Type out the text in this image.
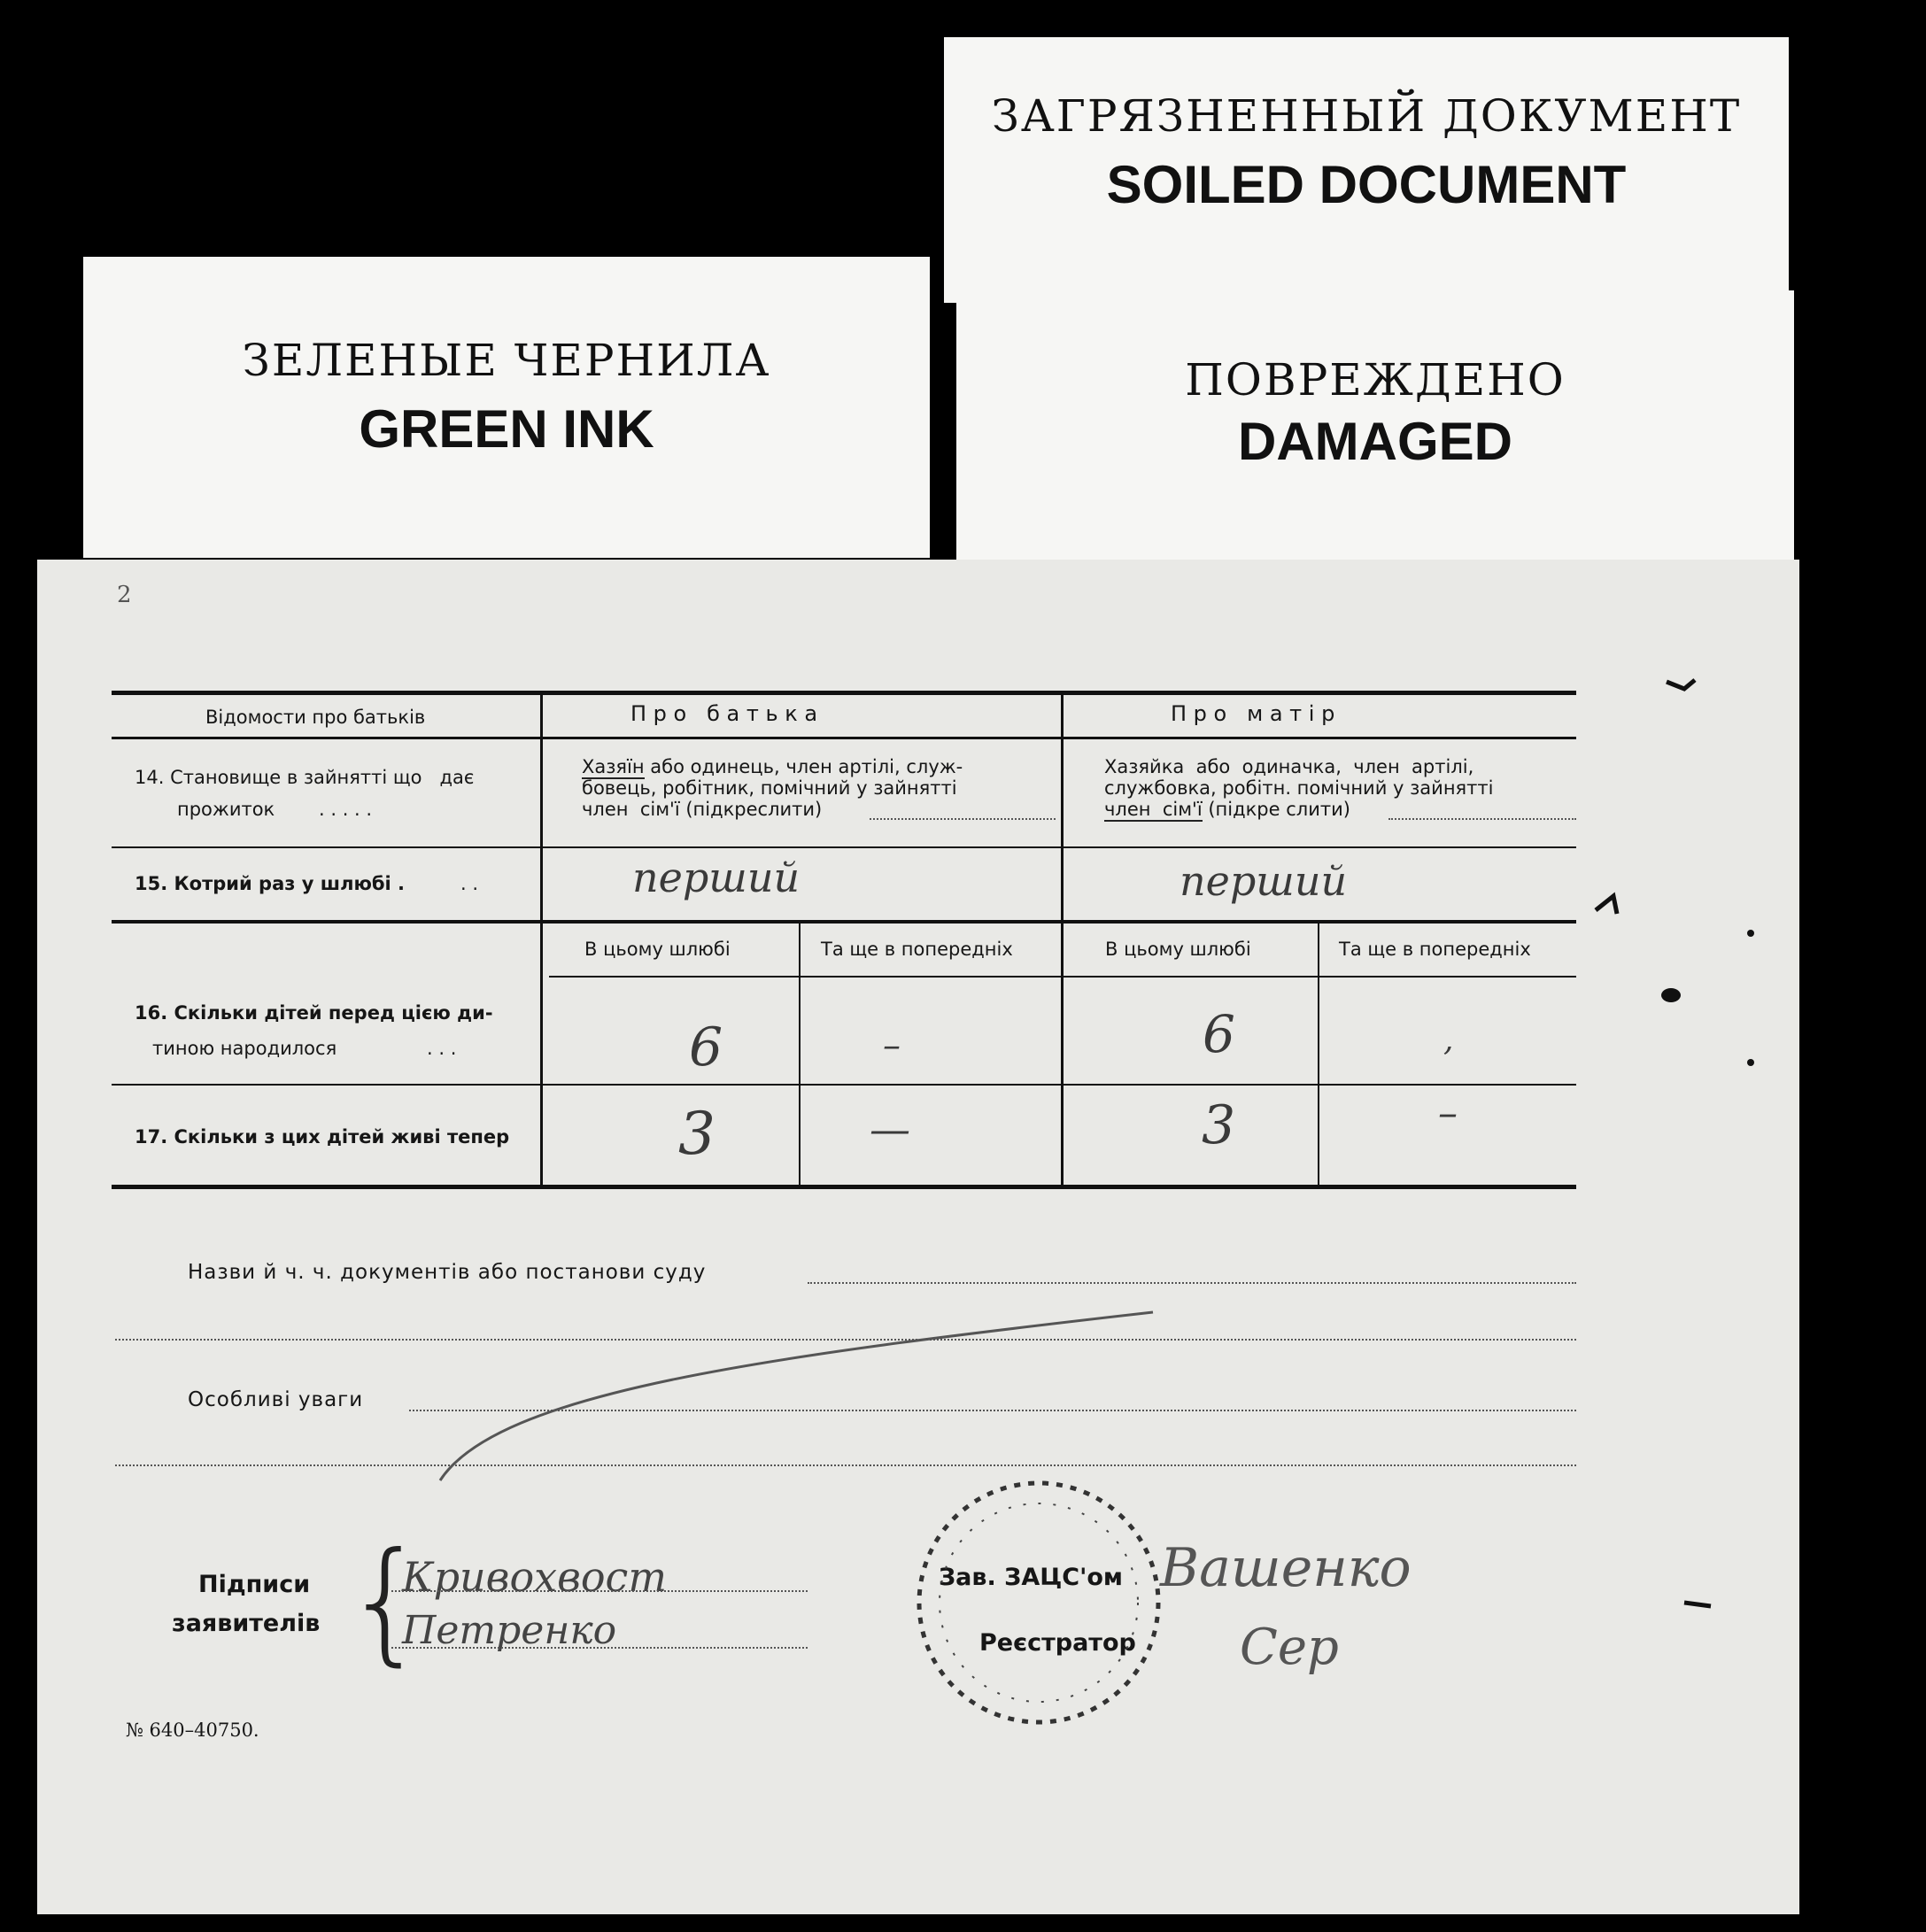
ЗАГРЯЗНЕННЫЙ ДОКУМЕНТ
SOILED DOCUMENT
ЗЕЛЕНЫЕ ЧЕРНИЛА
GREEN INK
ПОВРЕЖДЕНО
DAMAGED
2
Відомости про батьків	П р о   б а т ь к а	П р о   м а т і р
14. Становище в зайнятті що   дає
прожиток . . . . .
Хазяїн або одинець, член артілі, служ-
бовець, робітник, помічний у зайнятті
член  сім'ї (підкреслити)
Хазяйка  або  одиначка,  член  артілі,
службовка, робітн. помічний у зайнятті
член  сім'ї (підкре слити)
15. Котрий раз у шлюбі .	. .	перший	перший
В цьому шлюбі	Та ще в попередніх	В цьому шлюбі	Та ще в попередніх
16. Скільки дітей перед цією ди-
тиною народилося	. . .	6	–	6	,
17. Скільки з цих дітей живі тепер	3	—	3	–
Назви й ч. ч. документів або постанови суду
Особливі уваги
Підписи
заявителів {
Кривохвост
Петренко
Зав. ЗАЦС'ом
Реєстратор
Вашенко
Сер
№ 640–40750.
